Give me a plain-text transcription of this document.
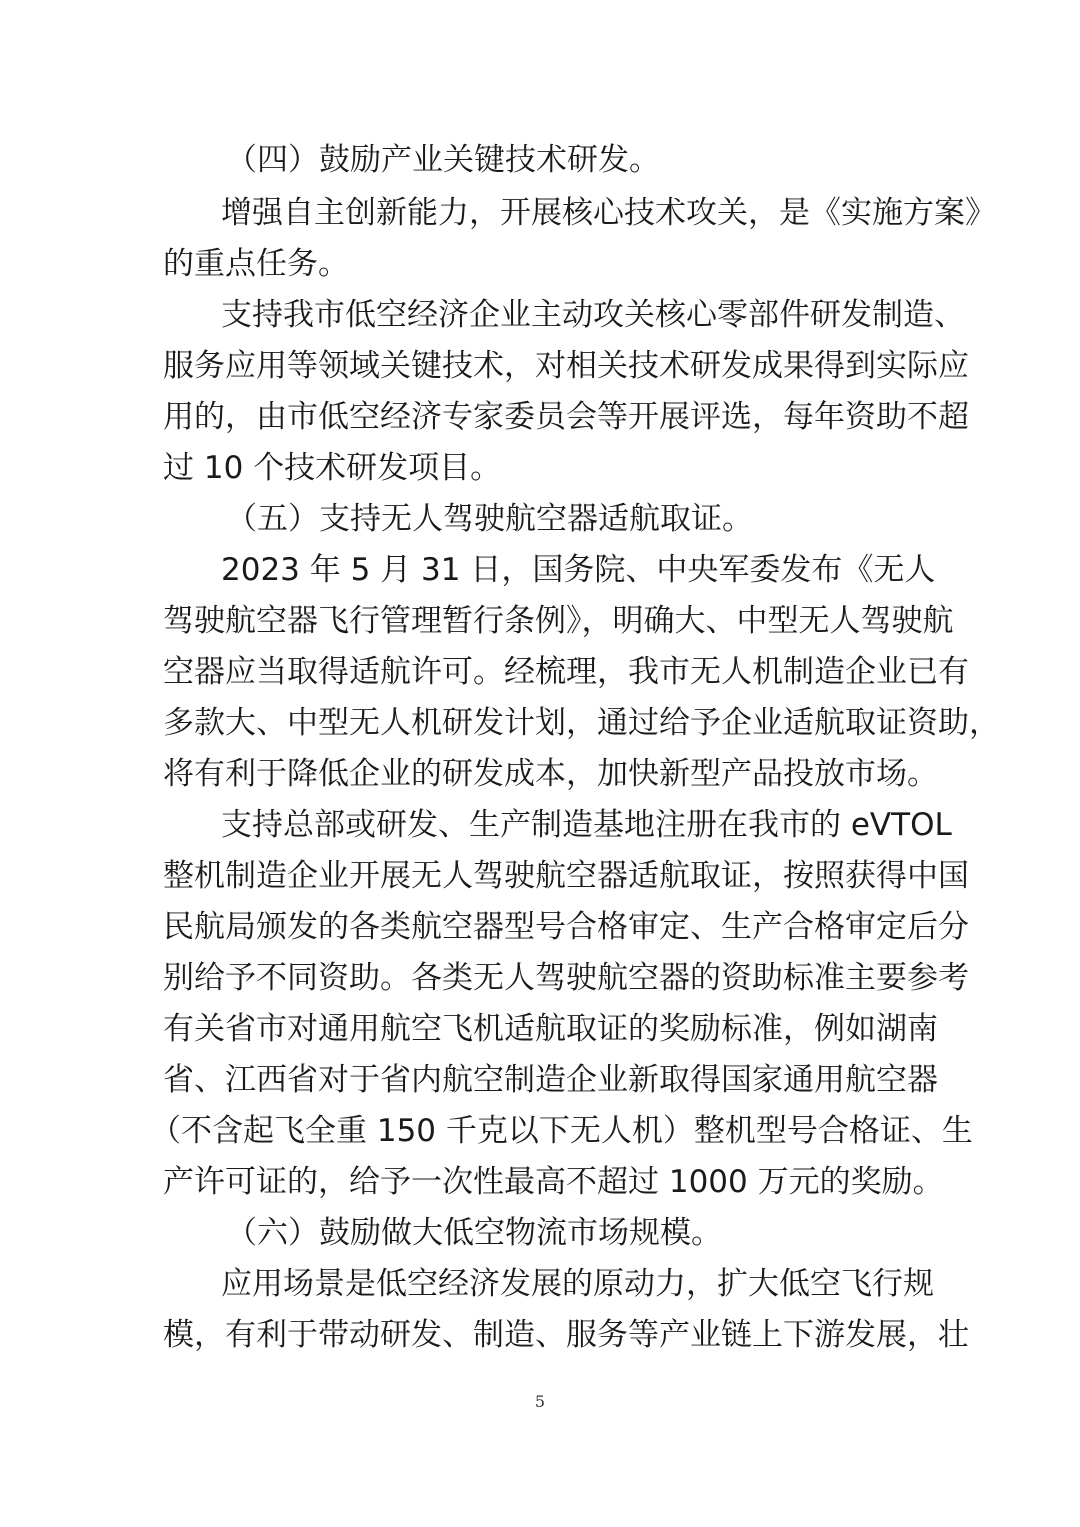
（四）鼓励产业关键技术研发。
增强自主创新能力，开展核心技术攻关，是《实施方案》
的重点任务。
支持我市低空经济企业主动攻关核心零部件研发制造、
服务应用等领域关键技术，对相关技术研发成果得到实际应
用的，由市低空经济专家委员会等开展评选，每年资助不超
过 10 个技术研发项目。
（五）支持无人驾驶航空器适航取证。
2023 年 5 月 31 日，国务院、中央军委发布《无人
驾驶航空器飞行管理暂行条例》，明确大、中型无人驾驶航
空器应当取得适航许可。经梳理，我市无人机制造企业已有
多款大、中型无人机研发计划，通过给予企业适航取证资助，
将有利于降低企业的研发成本，加快新型产品投放市场。
支持总部或研发、生产制造基地注册在我市的 eVTOL
整机制造企业开展无人驾驶航空器适航取证，按照获得中国
民航局颁发的各类航空器型号合格审定、生产合格审定后分
别给予不同资助。各类无人驾驶航空器的资助标准主要参考
有关省市对通用航空飞机适航取证的奖励标准，例如湖南
省、江西省对于省内航空制造企业新取得国家通用航空器
（不含起飞全重 150 千克以下无人机）整机型号合格证、生
产许可证的，给予一次性最高不超过 1000 万元的奖励。
（六）鼓励做大低空物流市场规模。
应用场景是低空经济发展的原动力，扩大低空飞行规
模，有利于带动研发、制造、服务等产业链上下游发展，壮
5
